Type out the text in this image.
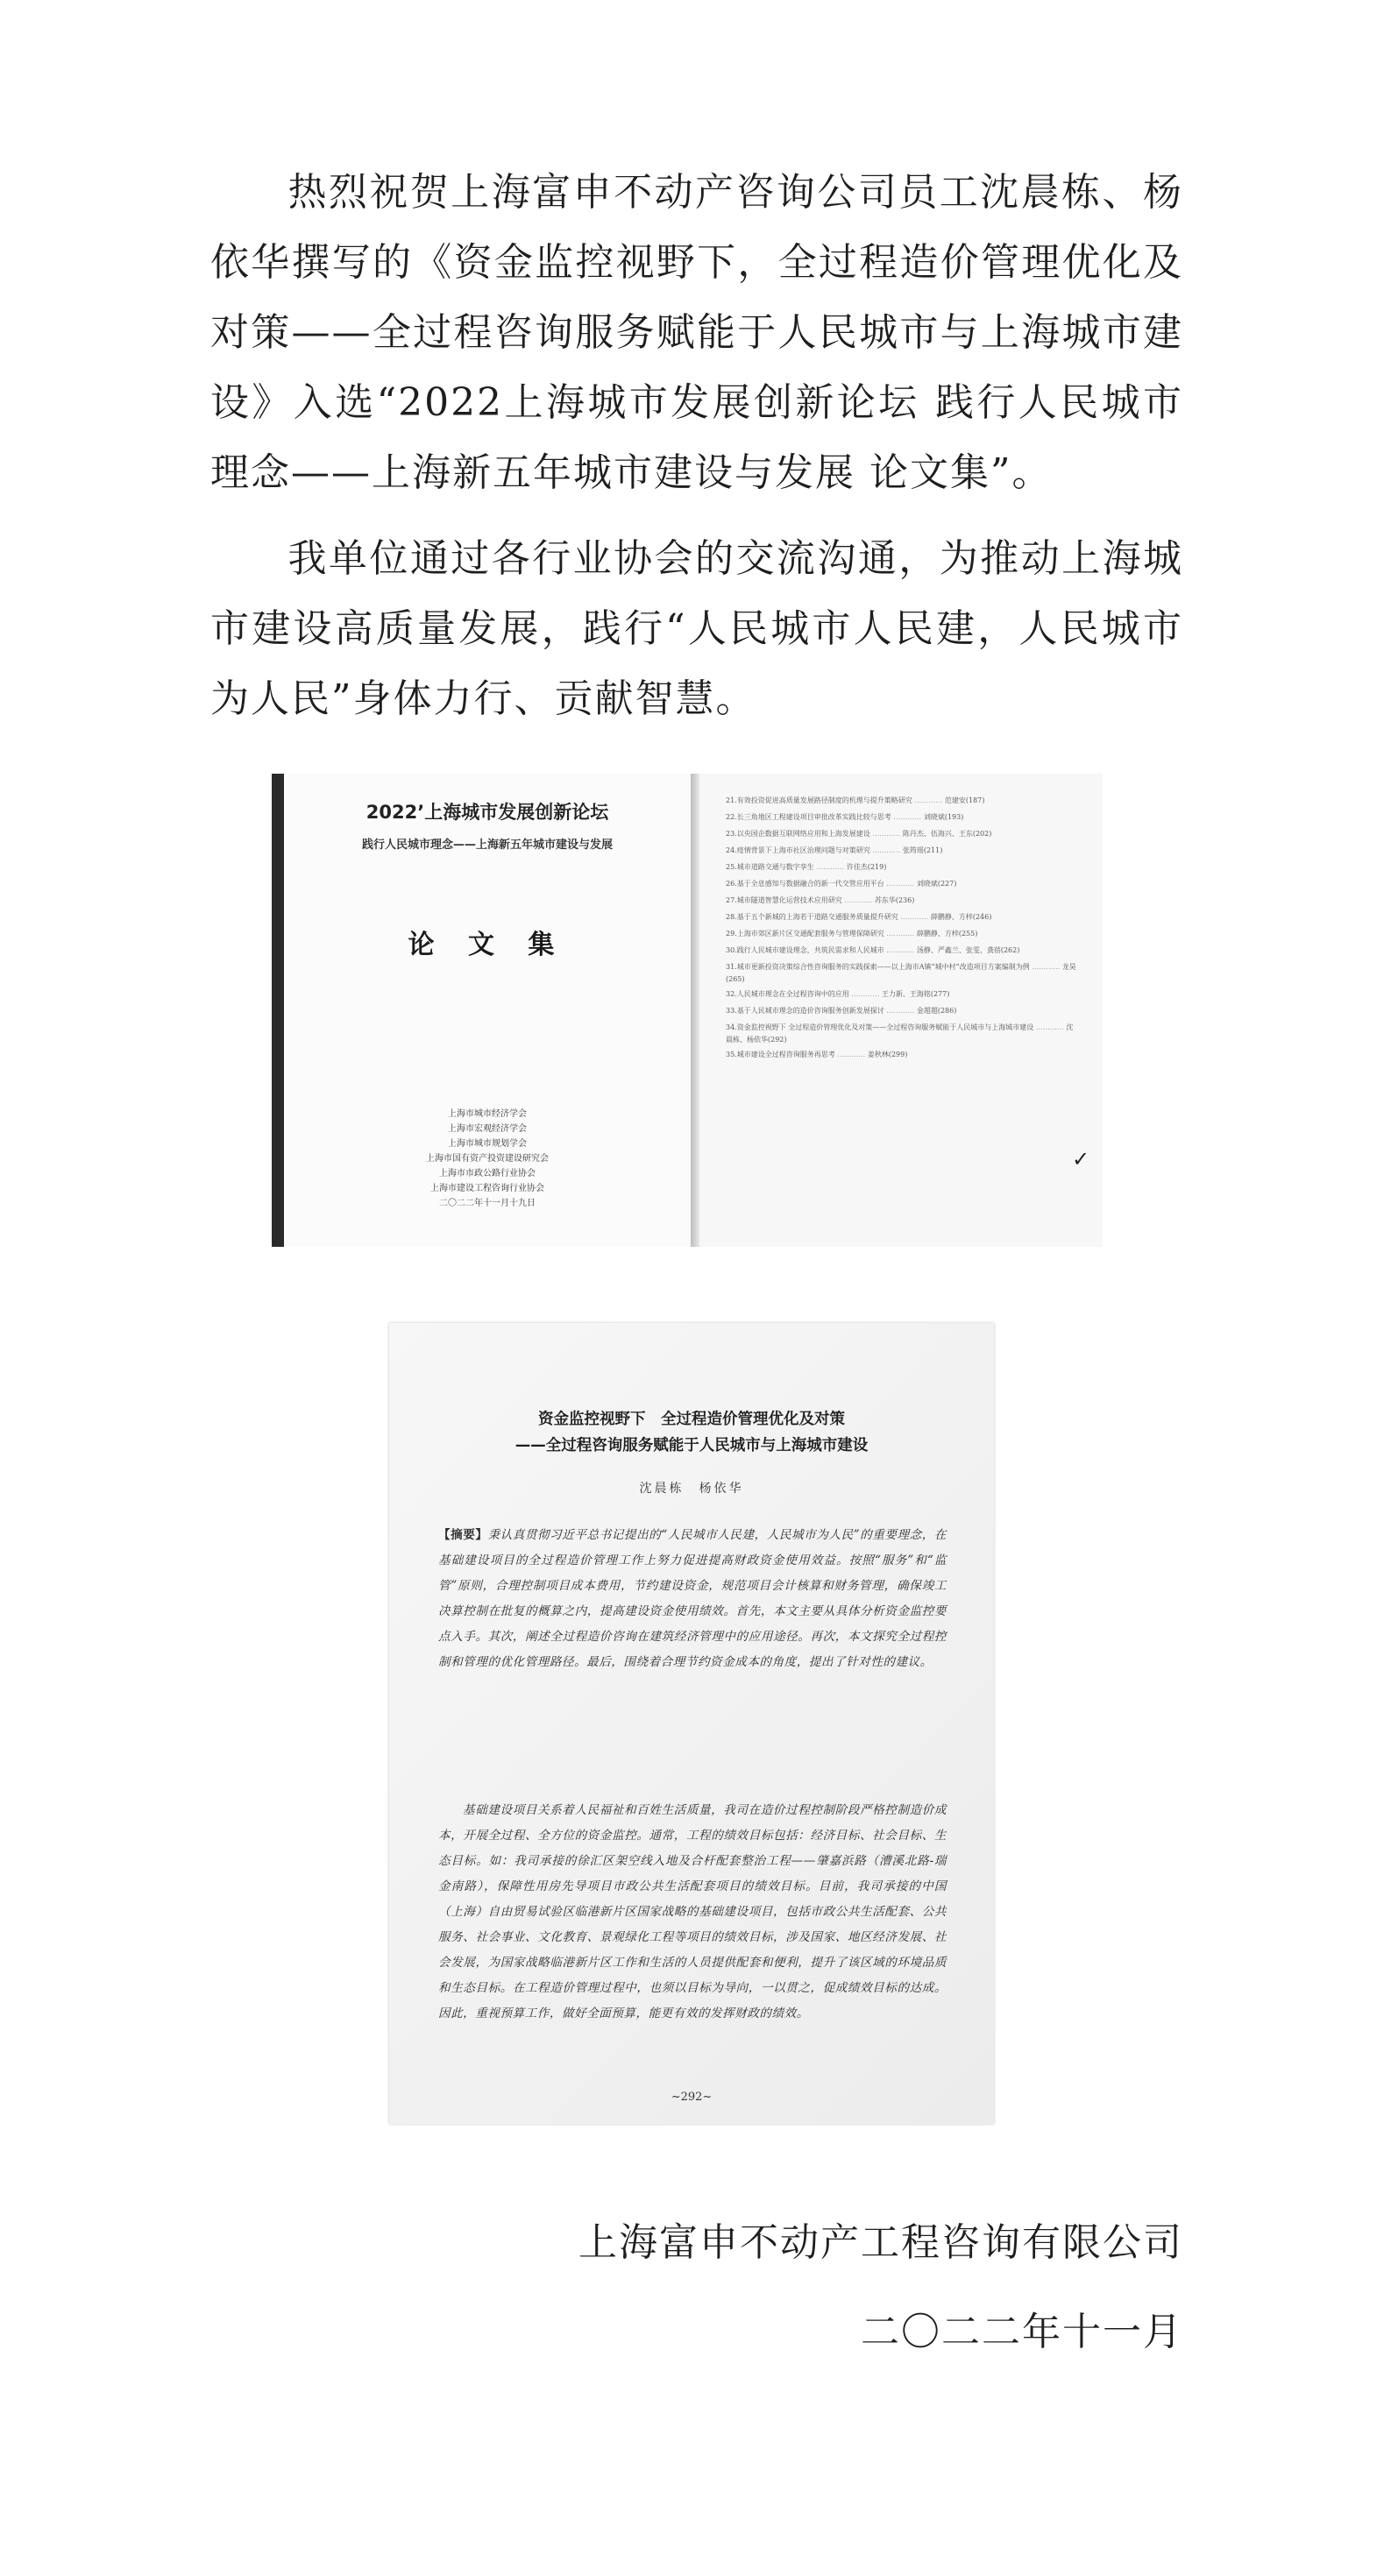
热烈祝贺上海富申不动产咨询公司员工沈晨栋、杨依华撰写的《资金监控视野下，全过程造价管理优化及对策——全过程咨询服务赋能于人民城市与上海城市建设》入选“2022上海城市发展创新论坛 践行人民城市理念——上海新五年城市建设与发展 论文集”。

我单位通过各行业协会的交流沟通，为推动上海城市建设高质量发展，践行“人民城市人民建，人民城市为人民”身体力行、贡献智慧。

2022’上海城市发展创新论坛
践行人民城市理念——上海新五年城市建设与发展
论 文 集
上海市城市经济学会
上海市宏观经济学会
上海市城市规划学会
上海市国有资产投资建设研究会
上海市市政公路行业协会
上海市建设工程咨询行业协会
二〇二二年十一月十九日
21.有效投资促进高质量发展路径制度的机理与提升策略研究 ………… 范建安(187)
22.长三角地区工程建设项目审批改革实践比较与思考 ………… 刘晓斌(193)
23.以央国企数据互联网络应用和上海发展建设 ………… 陈丹杰、伍海兴、王东(202)
24.疫情背景下上海市社区治理问题与对策研究 ………… 张筠瑶(211)
25.城市道路交通与数字孪生 ………… 许佳杰(219)
26.基于全息感知与数据融合的新一代交管应用平台 ………… 刘晓斌(227)
27.城市隧道智慧化运营技术应用研究 ………… 苏东华(236)
28.基于五个新城的上海若干道路交通服务质量提升研究 ………… 薛鹏静、方梓(246)
29.上海市郊区新片区交通配套服务与管理保障研究 ………… 薛鹏静、方梓(255)
30.践行人民城市建设理念，共筑民需求和人民城市 ………… 汤静、严鑫兰、张雯、龚蓓(262)
31.城市更新投资决策综合性咨询服务的实践探索——以上海市A镇“城中村”改造项目方案编制为例 ………… 龙昊(265)
32.人民城市理念在全过程咨询中的应用 ………… 王力新、王海铭(277)
33.基于人民城市理念的造价咨询服务创新发展探讨 ………… 金超超(286)
34.资金监控视野下 全过程造价管理优化及对策——全过程咨询服务赋能于人民城市与上海城市建设 ………… 沈晨栋、杨依华(292)
35.城市建设全过程咨询服务再思考 ………… 姜秋林(299)
✓
资金监控视野下　全过程造价管理优化及对策
——全过程咨询服务赋能于人民城市与上海城市建设
沈晨栋　杨依华

【摘要】秉认真贯彻习近平总书记提出的“人民城市人民建，人民城市为人民”的重要理念，在基础建设项目的全过程造价管理工作上努力促进提高财政资金使用效益。按照“服务”和“监管”原则，合理控制项目成本费用，节约建设资金，规范项目会计核算和财务管理，确保竣工决算控制在批复的概算之内，提高建设资金使用绩效。首先，本文主要从具体分析资金监控要点入手。其次，阐述全过程造价咨询在建筑经济管理中的应用途径。再次，本文探究全过程控制和管理的优化管理路径。最后，围绕着合理节约资金成本的角度，提出了针对性的建议。

基础建设项目关系着人民福祉和百姓生活质量，我司在造价过程控制阶段严格控制造价成本，开展全过程、全方位的资金监控。通常，工程的绩效目标包括：经济目标、社会目标、生态目标。如：我司承接的徐汇区架空线入地及合杆配套整治工程——肇嘉浜路（漕溪北路-瑞金南路），保障性用房先导项目市政公共生活配套项目的绩效目标。目前，我司承接的中国（上海）自由贸易试验区临港新片区国家战略的基础建设项目，包括市政公共生活配套、公共服务、社会事业、文化教育、景观绿化工程等项目的绩效目标，涉及国家、地区经济发展、社会发展，为国家战略临港新片区工作和生活的人员提供配套和便利，提升了该区域的环境品质和生态目标。在工程造价管理过程中，也须以目标为导向，一以贯之，促成绩效目标的达成。因此，重视预算工作，做好全面预算，能更有效的发挥财政的绩效。

~292~
上海富申不动产工程咨询有限公司
二〇二二年十一月
